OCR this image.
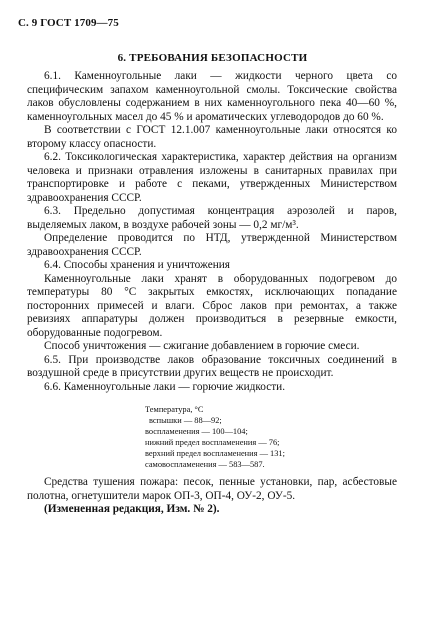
С. 9 ГОСТ 1709—75
6. ТРЕБОВАНИЯ БЕЗОПАСНОСТИ

6.1. Каменноугольные лаки — жидкости черного цвета со специфическим запахом каменноугольной смолы. Токсические свойства лаков обусловлены содержанием в них каменноугольного пека 40—60 %, каменноугольных масел до 45 % и ароматических углеводородов до 60 %.

В соответствии с ГОСТ 12.1.007 каменноугольные лаки относятся ко второму классу опасности.

6.2. Токсикологическая характеристика, характер действия на организм человека и признаки отравления изложены в санитарных правилах при транспортировке и работе с пеками, утвержденных Министерством здравоохранения СССР.

6.3. Предельно допустимая концентрация аэрозолей и паров, выделяемых лаком, в воздухе рабочей зоны — 0,2 мг/м³.

Определение проводится по НТД, утвержденной Министерством здравоохранения СССР.

6.4. Способы хранения и уничтожения

Каменноугольные лаки хранят в оборудованных подогревом до температуры 80 °С закрытых емкостях, исключающих попадание посторонних примесей и влаги. Сброс лаков при ремонтах, а также ревизиях аппаратуры должен производиться в резервные емкости, оборудованные подогревом.

Способ уничтожения — сжигание добавлением в горючие смеси.

6.5. При производстве лаков образование токсичных соединений в воздушной среде в присутствии других веществ не происходит.

6.6. Каменноугольные лаки — горючие жидкости.

Температура, °С
вспышки — 88—92;
воспламенения — 100—104;
нижний предел воспламенения — 76;
верхний предел воспламенения — 131;
самовоспламенения — 583—587.

Средства тушения пожара: песок, пенные установки, пар, асбестовые полотна, огнетушители марок ОП-3, ОП-4, ОУ-2, ОУ-5.

(Измененная редакция, Изм. № 2).
